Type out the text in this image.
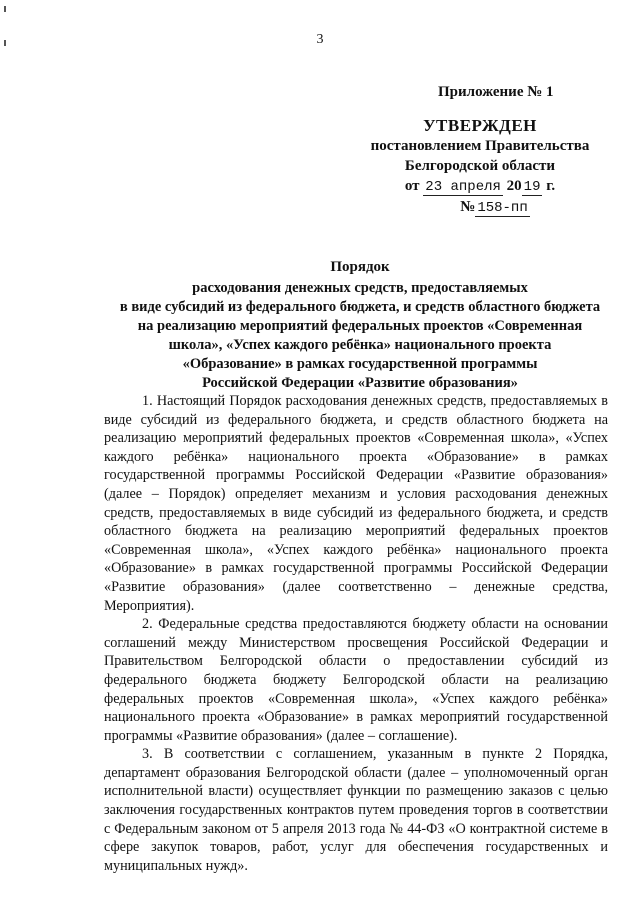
3
Приложение № 1
УТВЕРЖДЕН
постановлением Правительства
Белгородской области
от 23 апреля 20 19 г.
№ 158-пп
Порядок
расходования денежных средств, предоставляемых
в виде субсидий из федерального бюджета, и средств областного бюджета
на реализацию мероприятий федеральных проектов «Современная
школа», «Успех каждого ребёнка» национального проекта
«Образование» в рамках государственной программы
Российской Федерации «Развитие образования»

1. Настоящий Порядок расходования денежных средств, предоставляемых в виде субсидий из федерального бюджета, и средств областного бюджета на реализацию мероприятий федеральных проектов «Современная школа», «Успех каждого ребёнка» национального проекта «Образование» в рамках государственной программы Российской Федерации «Развитие образования» (далее – Порядок) определяет механизм и условия расходования денежных средств, предоставляемых в виде субсидий из федерального бюджета, и средств областного бюджета на реализацию мероприятий федеральных проектов «Современная школа», «Успех каждого ребёнка» национального проекта «Образование» в рамках государственной программы Российской Федерации «Развитие образования» (далее соответственно – денежные средства, Мероприятия).

2. Федеральные средства предоставляются бюджету области на основании соглашений между Министерством просвещения Российской Федерации и Правительством Белгородской области о предоставлении субсидий из федерального бюджета бюджету Белгородской области на реализацию федеральных проектов «Современная школа», «Успех каждого ребёнка» национального проекта «Образование» в рамках мероприятий государственной программы «Развитие образования» (далее – соглашение).

3. В соответствии с соглашением, указанным в пункте 2 Порядка, департамент образования Белгородской области (далее – уполномоченный орган исполнительной власти) осуществляет функции по размещению заказов с целью заключения государственных контрактов путем проведения торгов в соответствии с Федеральным законом от 5 апреля 2013 года № 44-ФЗ «О контрактной системе в сфере закупок товаров, работ, услуг для обеспечения государственных и муниципальных нужд».
